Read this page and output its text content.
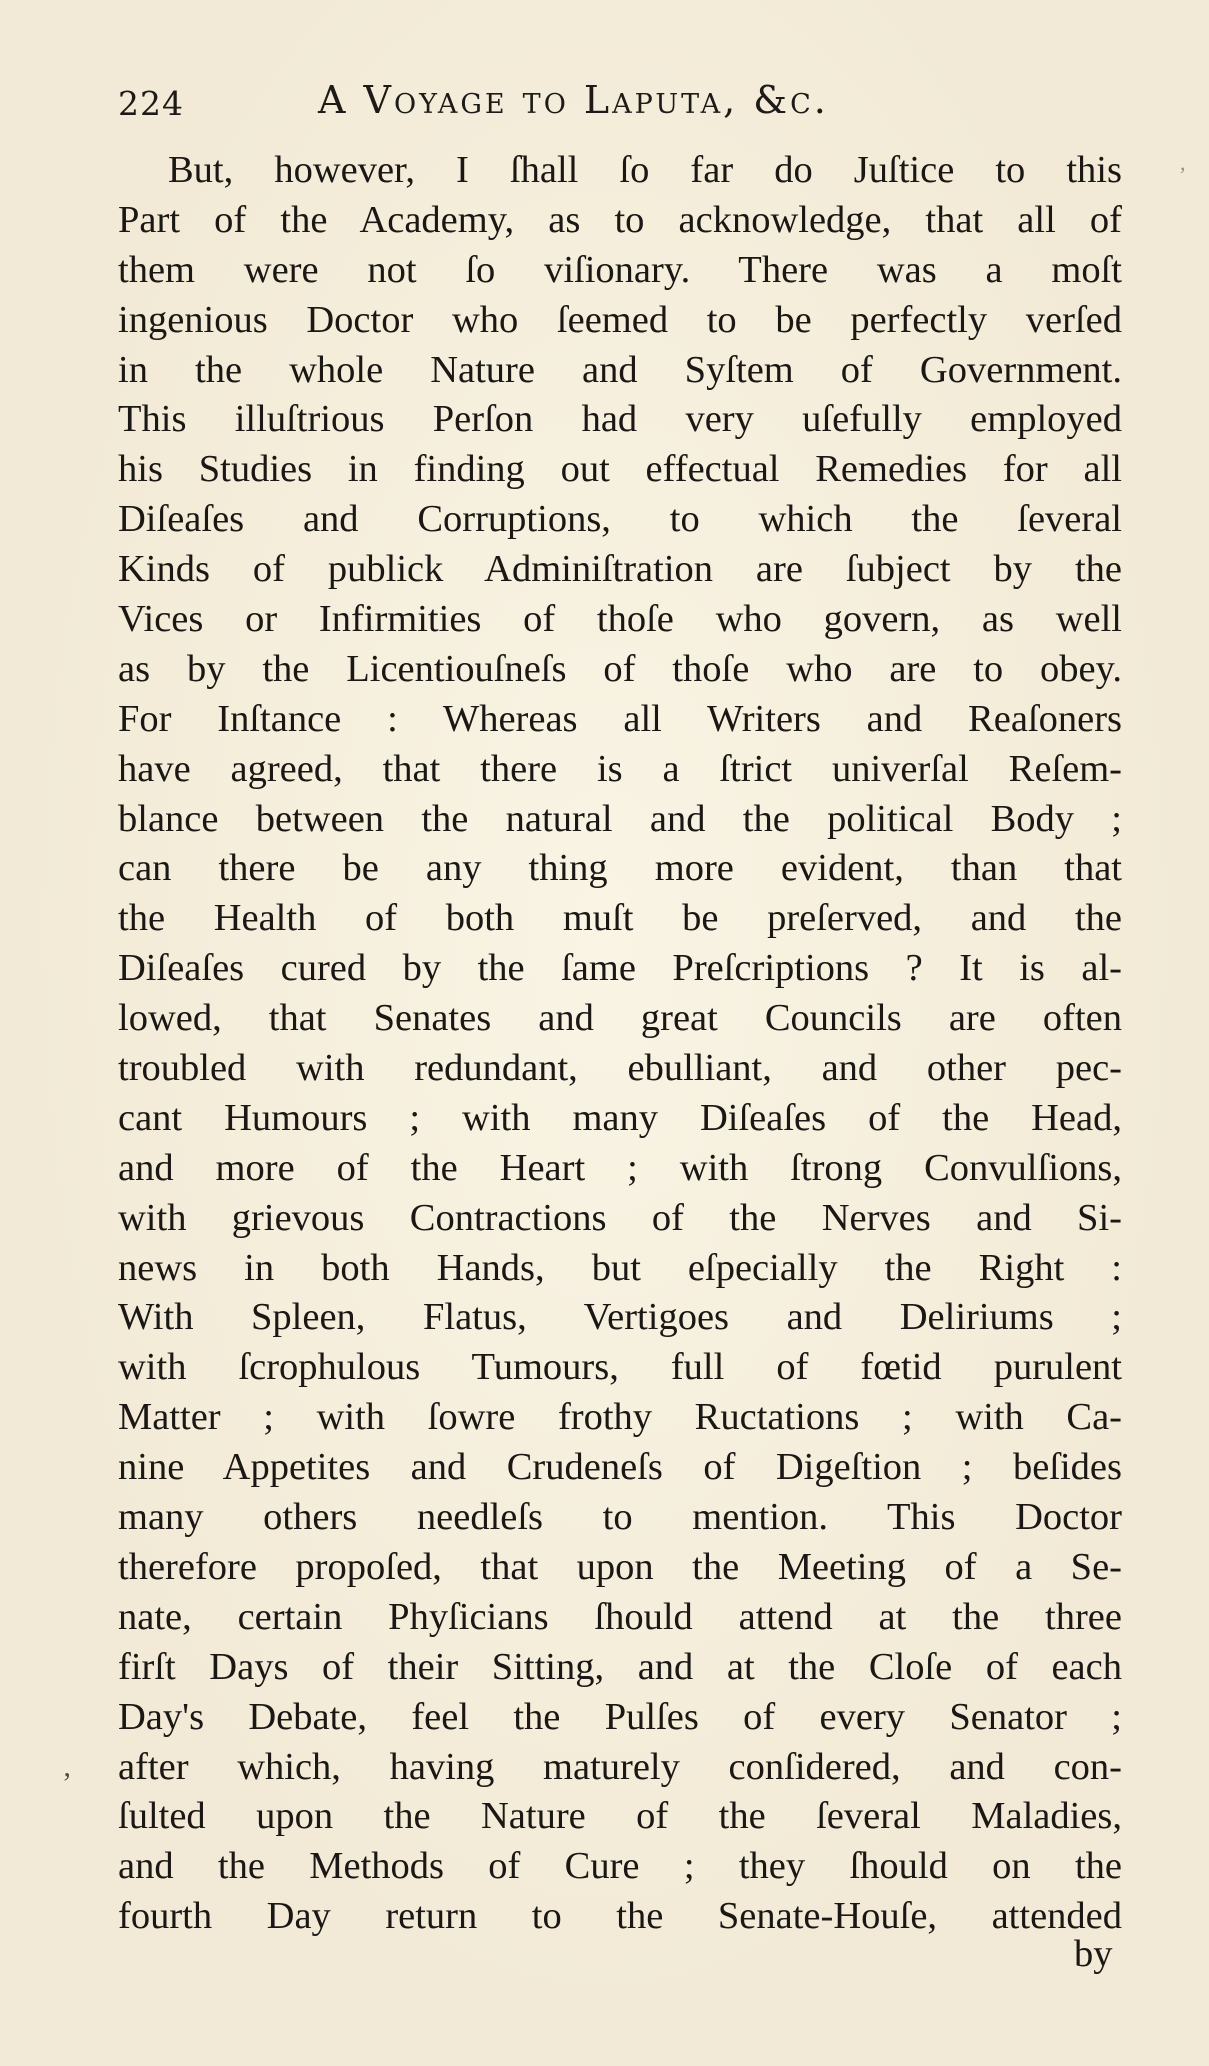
224	A Voyage to Laputa, &c.
But, however, I ſhall ſo far do Juſtice to this
Part of the Academy, as to acknowledge, that all of
them were not ſo viſionary. There was a moſt
ingenious Doctor who ſeemed to be perfectly verſed
in the whole Nature and Syſtem of Government.
This illuſtrious Perſon had very uſefully employed
his Studies in finding out effectual Remedies for all
Diſeaſes and Corruptions, to which the ſeveral
Kinds of publick Adminiſtration are ſubject by the
Vices or Infirmities of thoſe who govern, as well
as by the Licentiouſneſs of thoſe who are to obey.
For Inſtance : Whereas all Writers and Reaſoners
have agreed, that there is a ſtrict univerſal Reſem-
blance between the natural and the political Body ;
can there be any thing more evident, than that
the Health of both muſt be preſerved, and the
Diſeaſes cured by the ſame Preſcriptions ? It is al-
lowed, that Senates and great Councils are often
troubled with redundant, ebulliant, and other pec-
cant Humours ; with many Diſeaſes of the Head,
and more of the Heart ; with ſtrong Convulſions,
with grievous Contractions of the Nerves and Si-
news in both Hands, but eſpecially the Right :
With Spleen, Flatus, Vertigoes and Deliriums ;
with ſcrophulous Tumours, full of fœtid purulent
Matter ; with ſowre frothy Ructations ; with Ca-
nine Appetites and Crudeneſs of Digeſtion ; beſides
many others needleſs to mention. This Doctor
therefore propoſed, that upon the Meeting of a Se-
nate, certain Phyſicians ſhould attend at the three
firſt Days of their Sitting, and at the Cloſe of each
Day's Debate, feel the Pulſes of every Senator ;
after which, having maturely conſidered, and con-
ſulted upon the Nature of the ſeveral Maladies,
and the Methods of Cure ; they ſhould on the
fourth Day return to the Senate-Houſe, attended
by
‚
,
